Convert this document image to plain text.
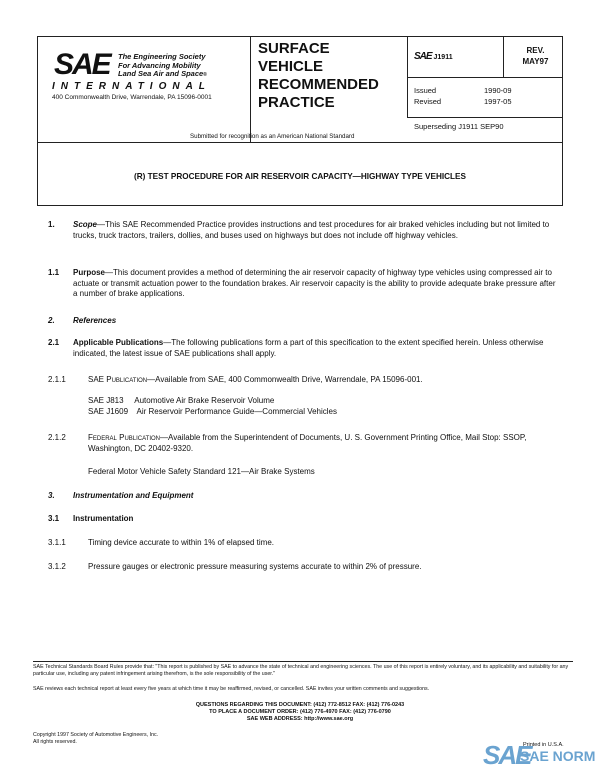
SAE The Engineering Society
For Advancing Mobility
Land Sea Air and Space®
INTERNATIONAL
400 Commonwealth Drive, Warrendale, PA 15096-0001
Submitted for recognition as an American National Standard
SURFACE
VEHICLE
RECOMMENDED
PRACTICE
SAE J1911
REV.
MAY97
Issued	1990-09
Revised	1997-05
Superseding J1911 SEP90
(R) TEST PROCEDURE FOR AIR RESERVOIR CAPACITY—HIGHWAY TYPE VEHICLES
1. Scope—This SAE Recommended Practice provides instructions and test procedures for air braked vehicles including but not limited to trucks, truck tractors, trailers, dollies, and buses used on highways but does not include off highway vehicles.
1.1 Purpose—This document provides a method of determining the air reservoir capacity of highway type vehicles using compressed air to actuate or transmit actuation power to the foundation brakes. Air reservoir capacity is the ability to provide adequate brake pressure after a number of brake applications.
2. References
2.1 Applicable Publications—The following publications form a part of this specification to the extent specified herein. Unless otherwise indicated, the latest issue of SAE publications shall apply.
2.1.1	SAE Publication—Available from SAE, 400 Commonwealth Drive, Warrendale, PA 15096-001.
SAE J813     Automotive Air Brake Reservoir Volume
SAE J1609    Air Reservoir Performance Guide—Commercial Vehicles
2.1.2	Federal Publication—Available from the Superintendent of Documents, U. S. Government Printing Office, Mail Stop: SSOP, Washington, DC 20402-9320.
Federal Motor Vehicle Safety Standard 121—Air Brake Systems
3. Instrumentation and Equipment
3.1 Instrumentation
3.1.1	Timing device accurate to within 1% of elapsed time.
3.1.2	Pressure gauges or electronic pressure measuring systems accurate to within 2% of pressure.
SAE Technical Standards Board Rules provide that: "This report is published by SAE to advance the state of technical and engineering sciences. The use of this report is entirely voluntary, and its applicability and suitability for any particular use, including any patent infringement arising therefrom, is the sole responsibility of the user."
SAE reviews each technical report at least every five years at which time it may be reaffirmed, revised, or cancelled. SAE invites your written comments and suggestions.
QUESTIONS REGARDING THIS DOCUMENT: (412) 772-8512 FAX: (412) 776-0243
TO PLACE A DOCUMENT ORDER: (412) 776-4970 FAX: (412) 776-0790
SAE WEB ADDRESS: http://www.sae.org
Copyright 1997 Society of Automotive Engineers, Inc.
All rights reserved.	Printed in U.S.A.
SAE
SAE NORM
